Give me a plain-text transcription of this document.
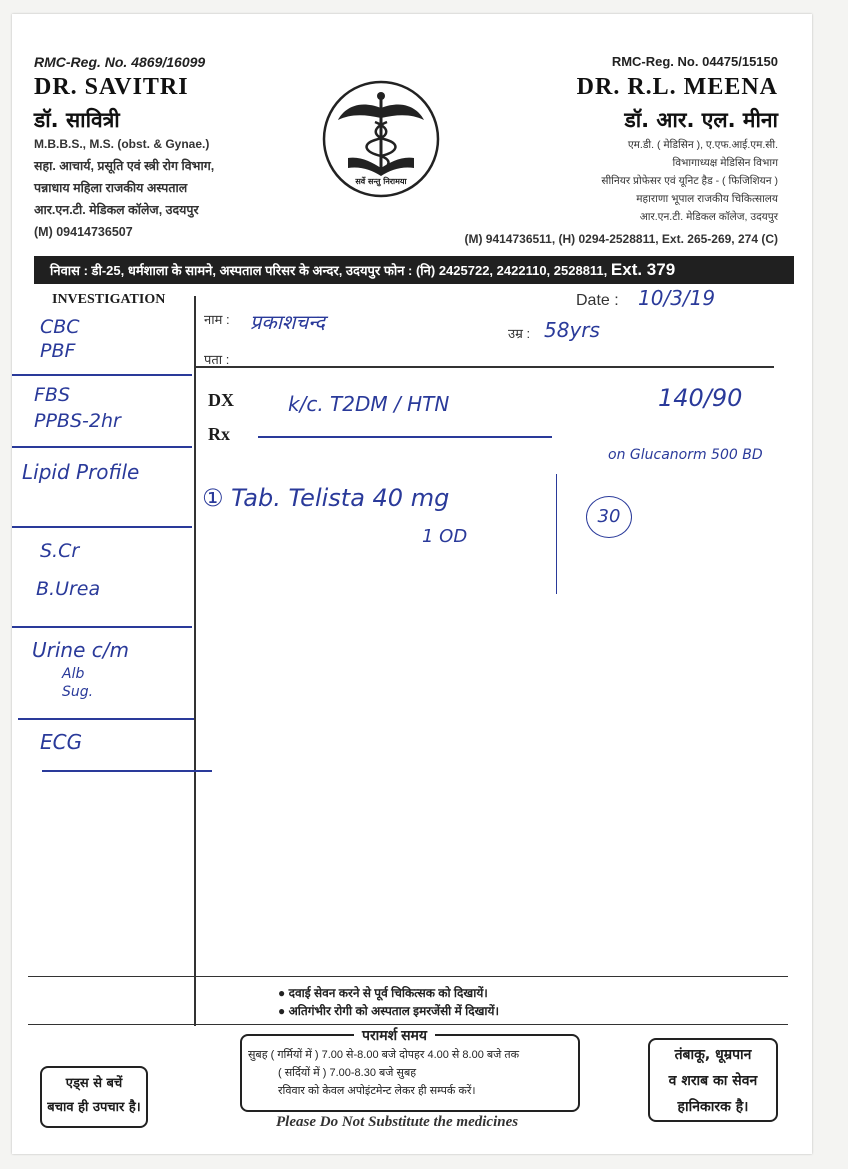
RMC-Reg. No. 4869/16099
DR. SAVITRI
डॉ. सावित्री
M.B.B.S., M.S. (obst. & Gynae.)
सहा. आचार्य, प्रसूति एवं स्त्री रोग विभाग,
पन्नाधाय महिला राजकीय अस्पताल
आर.एन.टी. मेडिकल कॉलेज, उदयपुर
(M) 09414736507
सर्वे सन्तु निरामया
RMC-Reg. No. 04475/15150
DR. R.L. MEENA
डॉ. आर. एल. मीना
एम.डी. ( मेडिसिन ), ए.एफ.आई.एम.सी.
विभागाध्यक्ष मेडिसिन विभाग
सीनियर प्रोफेसर एवं यूनिट हैड - ( फिजिशियन )
महाराणा भूपाल राजकीय चिकित्सालय
आर.एन.टी. मेडिकल कॉलेज, उदयपुर
(M) 9414736511, (H) 0294-2528811, Ext. 265-269, 274 (C)
निवास : डी-25, धर्मशाला के सामने, अस्पताल परिसर के अन्दर, उदयपुर फोन : (नि) 2425722, 2422110, 2528811, Ext. 379
INVESTIGATION
CBC
PBF
FBS
PPBS-2hr
Lipid Profile
S.Cr
B.Urea
Urine c/m
Alb
Sug.
ECG
Date : 10/3/19
नाम : प्रकाशचन्द	उम्र : 58yrs
पता :
DX
Rx
k/c. T2DM / HTN	140/90
on Glucanorm 500 BD
① Tab. Telista 40 mg
1 OD
30
● दवाई सेवन करने से पूर्व चिकित्सक को दिखायें।
● अतिगंभीर रोगी को अस्पताल इमरजेंसी में दिखायें।
परामर्श समय
सुबह ( गर्मियों में ) 7.00 से-8.00 बजे दोपहर 4.00 से 8.00 बजे तक
( सर्दियों में ) 7.00-8.30 बजे सुबह
रविवार को केवल अपोइंटमेन्ट लेकर ही सम्पर्क करें।
एड्स से बचें
बचाव ही उपचार है।
तंबाकू, धूम्रपान
व शराब का सेवन
हानिकारक है।
Please Do Not Substitute the medicines
